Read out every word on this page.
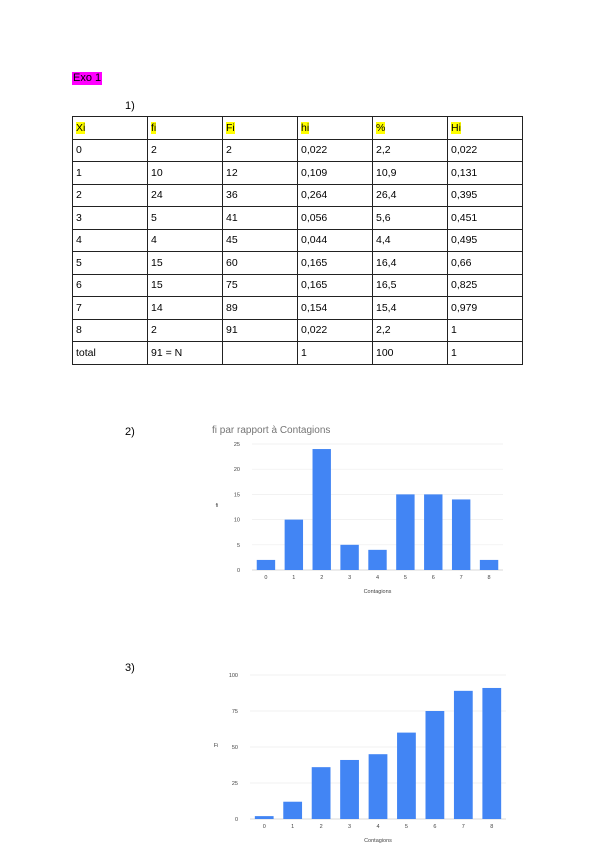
Exo 1
1)
Xi	fi	Fi	hi	%	Hi
0	2	2	0,022	2,2	0,022
1	10	12	0,109	10,9	0,131
2	24	36	0,264	26,4	0,395
3	5	41	0,056	5,6	0,451
4	4	45	0,044	4,4	0,495
5	15	60	0,165	16,4	0,66
6	15	75	0,165	16,5	0,825
7	14	89	0,154	15,4	0,979
8	2	91	0,022	2,2	1
total	91 = N		1	100	1
2)
3)
fi par rapport à Contagions
0
5
10
15
20
25
0	1	2	3	4	5	6	7	8
Contagions
fi
0
25
50
75
100
0	1	2	3	4	5	6	7	8
Contagions
Fi
